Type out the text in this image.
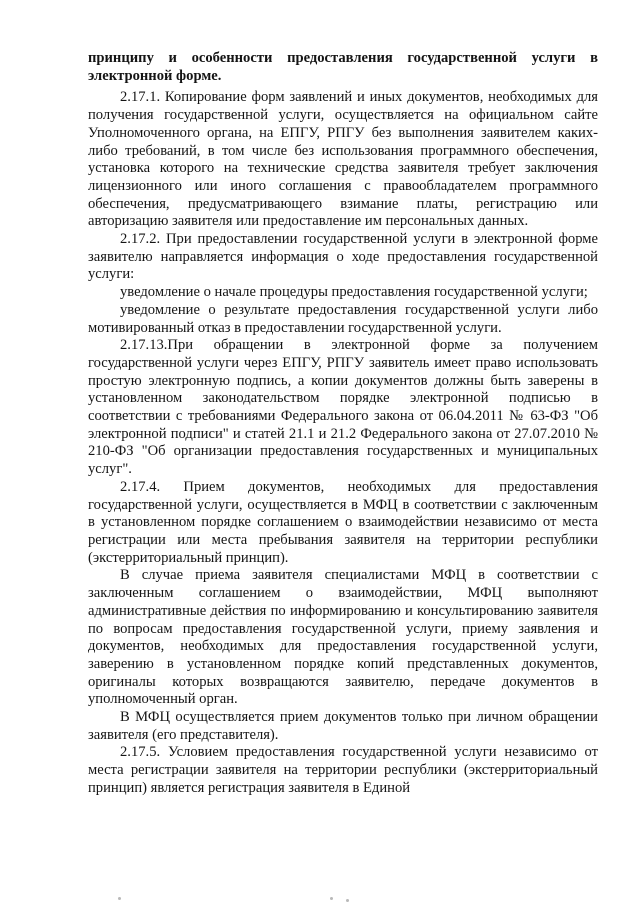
принципу и особенности предоставления государственной услуги в электронной форме.

2.17.1. Копирование форм заявлений и иных документов, необходимых для получения государственной услуги, осуществляется на официальном сайте Уполномоченного органа, на ЕПГУ, РПГУ без выполнения заявителем каких-либо требований, в том числе без использования программного обеспечения, установка которого на технические средства заявителя требует заключения лицензионного или иного соглашения с правообладателем программного обеспечения, предусматривающего взимание платы, регистрацию или авторизацию заявителя или предоставление им персональных данных.

2.17.2. При предоставлении государственной услуги в электронной форме заявителю направляется информация о ходе предоставления государственной услуги:

уведомление о начале процедуры предоставления государственной услуги;

уведомление о результате предоставления государственной услуги либо мотивированный отказ в предоставлении государственной услуги.

2.17.13.При обращении в электронной форме за получением государственной услуги через ЕПГУ, РПГУ заявитель имеет право использовать простую электронную подпись, а копии документов должны быть заверены в установленном законодательством порядке электронной подписью в соответствии с требованиями Федерального закона от 06.04.2011 № 63-ФЗ "Об электронной подписи" и статей 21.1 и 21.2 Федерального закона от 27.07.2010 № 210-ФЗ "Об организации предоставления государственных и муниципальных услуг".

2.17.4. Прием документов, необходимых для предоставления государственной услуги, осуществляется в МФЦ в соответствии с заключенным в установленном порядке соглашением о взаимодействии независимо от места регистрации или места пребывания заявителя на территории республики (экстерриториальный принцип).

В случае приема заявителя специалистами МФЦ в соответствии с заключенным соглашением о взаимодействии, МФЦ выполняют административные действия по информированию и консультированию заявителя по вопросам предоставления государственной услуги, приему заявления и документов, необходимых для предоставления государственной услуги, заверению в установленном порядке копий представленных документов, оригиналы которых возвращаются заявителю, передаче документов в уполномоченный орган.

В МФЦ осуществляется прием документов только при личном обращении заявителя (его представителя).

2.17.5. Условием предоставления государственной услуги независимо от места регистрации заявителя на территории республики (экстерриториальный принцип) является регистрация заявителя в Единой
